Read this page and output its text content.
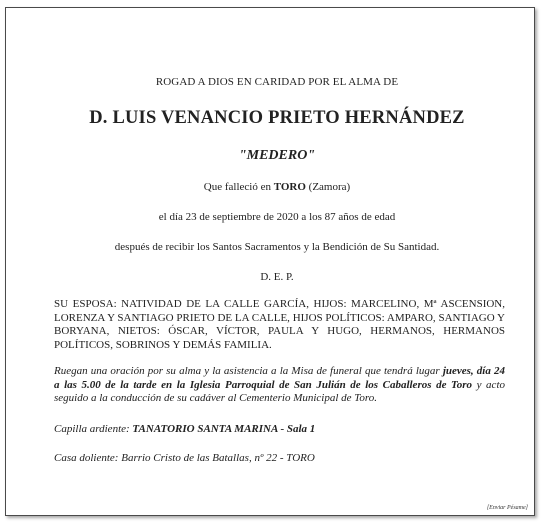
ROGAD A DIOS EN CARIDAD POR EL ALMA DE
D. LUIS VENANCIO PRIETO HERNÁNDEZ
"MEDERO"
Que falleció en TORO (Zamora)
el día 23 de septiembre de 2020 a los 87 años de edad
después de recibir los Santos Sacramentos y la Bendición de Su Santidad.
D. E. P.
SU ESPOSA: NATIVIDAD DE LA CALLE GARCÍA, HIJOS: MARCELINO, Mª ASCENSION, LORENZA Y SANTIAGO PRIETO DE LA CALLE, HIJOS POLÍTICOS: AMPARO, SANTIAGO Y BORYANA, NIETOS: ÓSCAR, VÍCTOR, PAULA Y HUGO, HERMANOS, HERMANOS POLÍTICOS, SOBRINOS Y DEMÁS FAMILIA.
Ruegan una oración por su alma y la asistencia a la Misa de funeral que tendrá lugar jueves, día 24 a las 5.00 de la tarde en la Iglesia Parroquial de San Julián de los Caballeros de Toro y acto seguido a la conducción de su cadáver al Cementerio Municipal de Toro.
Capilla ardiente: TANATORIO SANTA MARINA - Sala 1
Casa doliente: Barrio Cristo de las Batallas, nº 22 - TORO
[Enviar Pésame]
